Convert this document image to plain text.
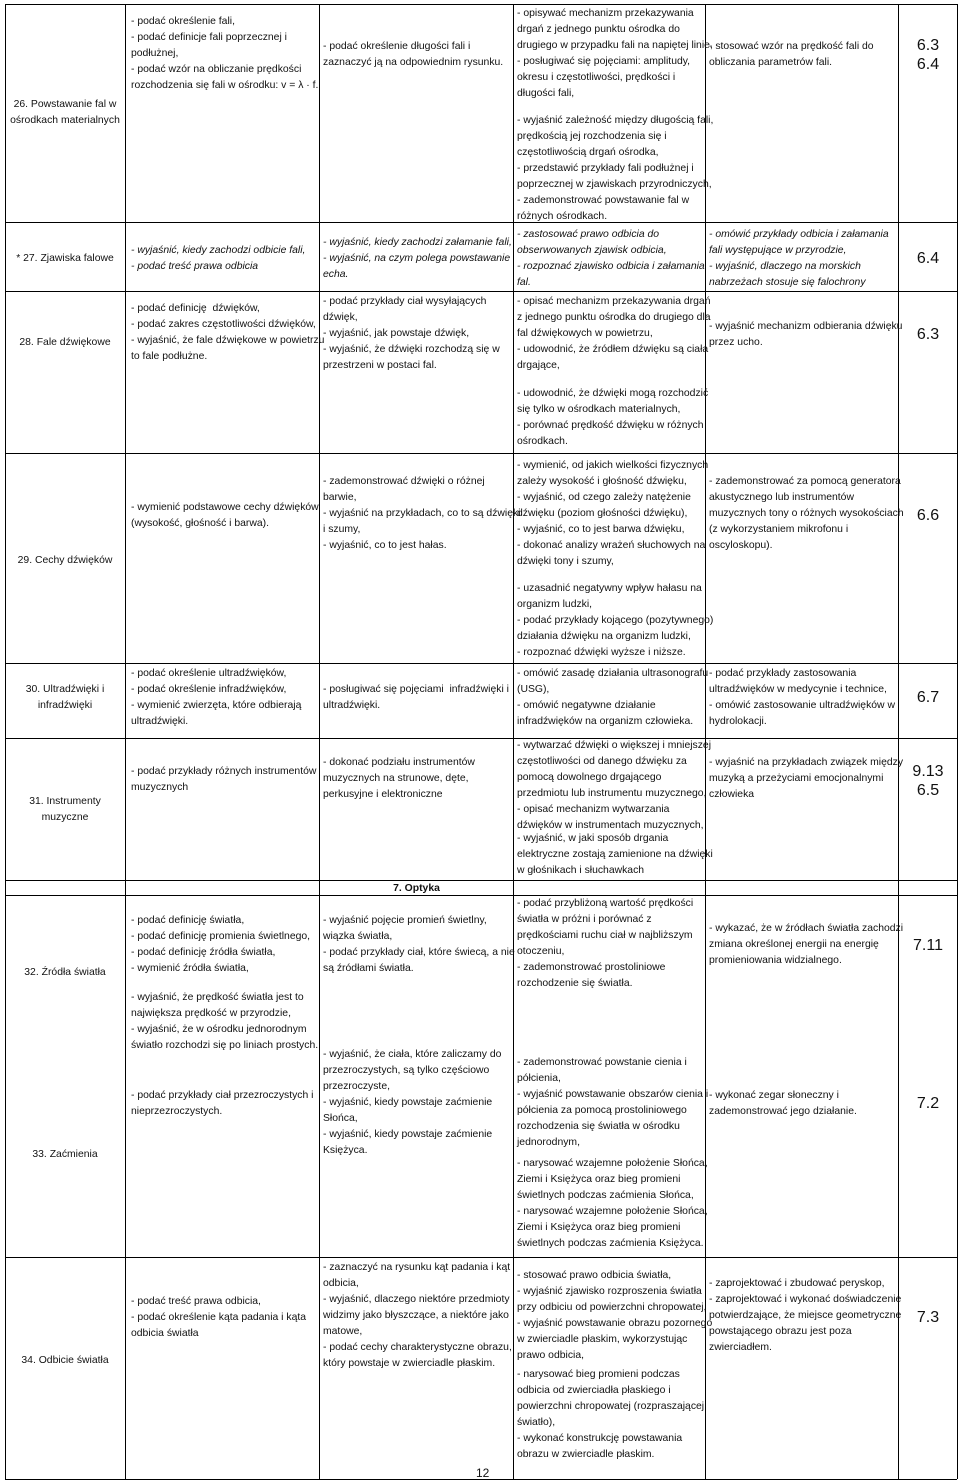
26. Powstawanie fal w
ośrodkach materialnych
- podać określenie fali,
- podać definicje fali poprzecznej i
podłużnej,
- podać wzór na obliczanie prędkości
rozchodzenia się fali w ośrodku: v = λ · f.
- podać określenie długości fali i
zaznaczyć ją na odpowiednim rysunku.
- opisywać mechanizm przekazywania
drgań z jednego punktu ośrodka do
drugiego w przypadku fali na napiętej linie,
- posługiwać się pojęciami: amplitudy,
okresu i częstotliwości, prędkości i
długości fali,
- wyjaśnić zależność między długością fali,
prędkością jej rozchodzenia się i
częstotliwością drgań ośrodka,
- przedstawić przykłady fali podłużnej i
poprzecznej w zjawiskach przyrodniczych,
- zademonstrować powstawanie fal w
różnych ośrodkach.
- stosować wzór na prędkość fali do
obliczania parametrów fali.
6.3
6.4
* 27. Zjawiska falowe
- wyjaśnić, kiedy zachodzi odbicie fali,
- podać treść prawa odbicia
- wyjaśnić, kiedy zachodzi załamanie fali,
- wyjaśnić, na czym polega powstawanie
echa.
- zastosować prawo odbicia do
obserwowanych zjawisk odbicia,
- rozpoznać zjawisko odbicia i załamania
fal.
- omówić przykłady odbicia i załamania
fali występujące w przyrodzie,
- wyjaśnić, dlaczego na morskich
nabrzeżach stosuje się falochrony
6.4
28. Fale dźwiękowe
- podać definicję  dźwięków,
- podać zakres częstotliwości dźwięków,
- wyjaśnić, że fale dźwiękowe w powietrzu
to fale podłużne.
- podać przykłady ciał wysyłających
dźwięk,
- wyjaśnić, jak powstaje dźwięk,
- wyjaśnić, że dźwięki rozchodzą się w
przestrzeni w postaci fal.
- opisać mechanizm przekazywania drgań
z jednego punktu ośrodka do drugiego dla
fal dźwiękowych w powietrzu,
- udowodnić, że źródłem dźwięku są ciała
drgające,
- udowodnić, że dźwięki mogą rozchodzić
się tylko w ośrodkach materialnych,
- porównać prędkość dźwięku w różnych
ośrodkach.
- wyjaśnić mechanizm odbierania dźwięku
przez ucho.	6.3
29. Cechy dźwięków
- wymienić podstawowe cechy dźwięków
(wysokość, głośność i barwa).
- zademonstrować dźwięki o różnej
barwie,
- wyjaśnić na przykładach, co to są dźwięki
i szumy,
- wyjaśnić, co to jest hałas.
- wymienić, od jakich wielkości fizycznych
zależy wysokość i głośność dźwięku,
- wyjaśnić, od czego zależy natężenie
dźwięku (poziom głośności dźwięku),
- wyjaśnić, co to jest barwa dźwięku,
- dokonać analizy wrażeń słuchowych na
dźwięki tony i szumy,
- uzasadnić negatywny wpływ hałasu na
organizm ludzki,
- podać przykłady kojącego (pozytywnego)
działania dźwięku na organizm ludzki,
- rozpoznać dźwięki wyższe i niższe.
- zademonstrować za pomocą generatora
akustycznego lub instrumentów
muzycznych tony o różnych wysokościach
(z wykorzystaniem mikrofonu i
oscyloskopu).
6.6
30. Ultradźwięki i
infradźwięki
- podać określenie ultradźwięków,
- podać określenie infradźwięków,
- wymienić zwierzęta, które odbierają
ultradźwięki.
- posługiwać się pojęciami  infradźwięki i
ultradźwięki.
- omówić zasadę działania ultrasonografu
(USG),
- omówić negatywne działanie
infradźwięków na organizm człowieka.
- podać przykłady zastosowania
ultradźwięków w medycynie i technice,
- omówić zastosowanie ultradźwięków w
hydrolokacji.
6.7
31. Instrumenty muzyczne
- podać przykłady różnych instrumentów
muzycznych
- dokonać podziału instrumentów
muzycznych na strunowe, dęte,
perkusyjne i elektroniczne
- wytwarzać dźwięki o większej i mniejszej
częstotliwości od danego dźwięku za
pomocą dowolnego drgającego
przedmiotu lub instrumentu muzycznego,
- opisać mechanizm wytwarzania
dźwięków w instrumentach muzycznych,
- wyjaśnić, w jaki sposób drgania
elektryczne zostają zamienione na dźwięki
w głośnikach i słuchawkach
- wyjaśnić na przykładach związek między
muzyką a przeżyciami emocjonalnymi
człowieka
9.13
6.5
7. Optyka
32. Źródła światła
- podać definicję światła,
- podać definicję promienia świetlnego,
- podać definicję źródła światła,
- wymienić źródła światła,
- wyjaśnić, że prędkość światła jest to
największa prędkość w przyrodzie,
- wyjaśnić, że w ośrodku jednorodnym
światło rozchodzi się po liniach prostych.
- wyjaśnić pojęcie promień świetlny,
wiązka światła,
- podać przykłady ciał, które świecą, a nie
są źródłami światła.
- podać przybliżoną wartość prędkości
światła w próżni i porównać z
prędkościami ruchu ciał w najbliższym
otoczeniu,
- zademonstrować prostoliniowe
rozchodzenie się światła.
- wykazać, że w źródłach światła zachodzi
zmiana określonej energii na energię
promieniowania widzialnego.
7.11
33. Zaćmienia
- podać przykłady ciał przezroczystych i
nieprzezroczystych.
- wyjaśnić, że ciała, które zaliczamy do
przezroczystych, są tylko częściowo
przezroczyste,
- wyjaśnić, kiedy powstaje zaćmienie
Słońca,
- wyjaśnić, kiedy powstaje zaćmienie
Księżyca.
- zademonstrować powstanie cienia i
półcienia,
- wyjaśnić powstawanie obszarów cienia i
półcienia za pomocą prostoliniowego
rozchodzenia się światła w ośrodku
jednorodnym,
- narysować wzajemne położenie Słońca,
Ziemi i Księżyca oraz bieg promieni
świetlnych podczas zaćmienia Słońca,
- narysować wzajemne położenie Słońca,
Ziemi i Księżyca oraz bieg promieni
świetlnych podczas zaćmienia Księżyca.
- wykonać zegar słoneczny i
zademonstrować jego działanie.	7.2
34. Odbicie światła
- podać treść prawa odbicia,
- podać określenie kąta padania i kąta
odbicia światła
- zaznaczyć na rysunku kąt padania i kąt
odbicia,
- wyjaśnić, dlaczego niektóre przedmioty
widzimy jako błyszczące, a niektóre jako
matowe,
- podać cechy charakterystyczne obrazu,
który powstaje w zwierciadle płaskim.
- stosować prawo odbicia światła,
- wyjaśnić zjawisko rozproszenia światła
przy odbiciu od powierzchni chropowatej,
- wyjaśnić powstawanie obrazu pozornego
w zwierciadle płaskim, wykorzystując
prawo odbicia,
- narysować bieg promieni podczas
odbicia od zwierciadła płaskiego i
powierzchni chropowatej (rozpraszającej
światło),
- wykonać konstrukcję powstawania
obrazu w zwierciadle płaskim.
- zaprojektować i zbudować peryskop,
- zaprojektować i wykonać doświadczenie
potwierdzające, że miejsce geometryczne
powstającego obrazu jest poza
zwierciadłem.
7.3
12
